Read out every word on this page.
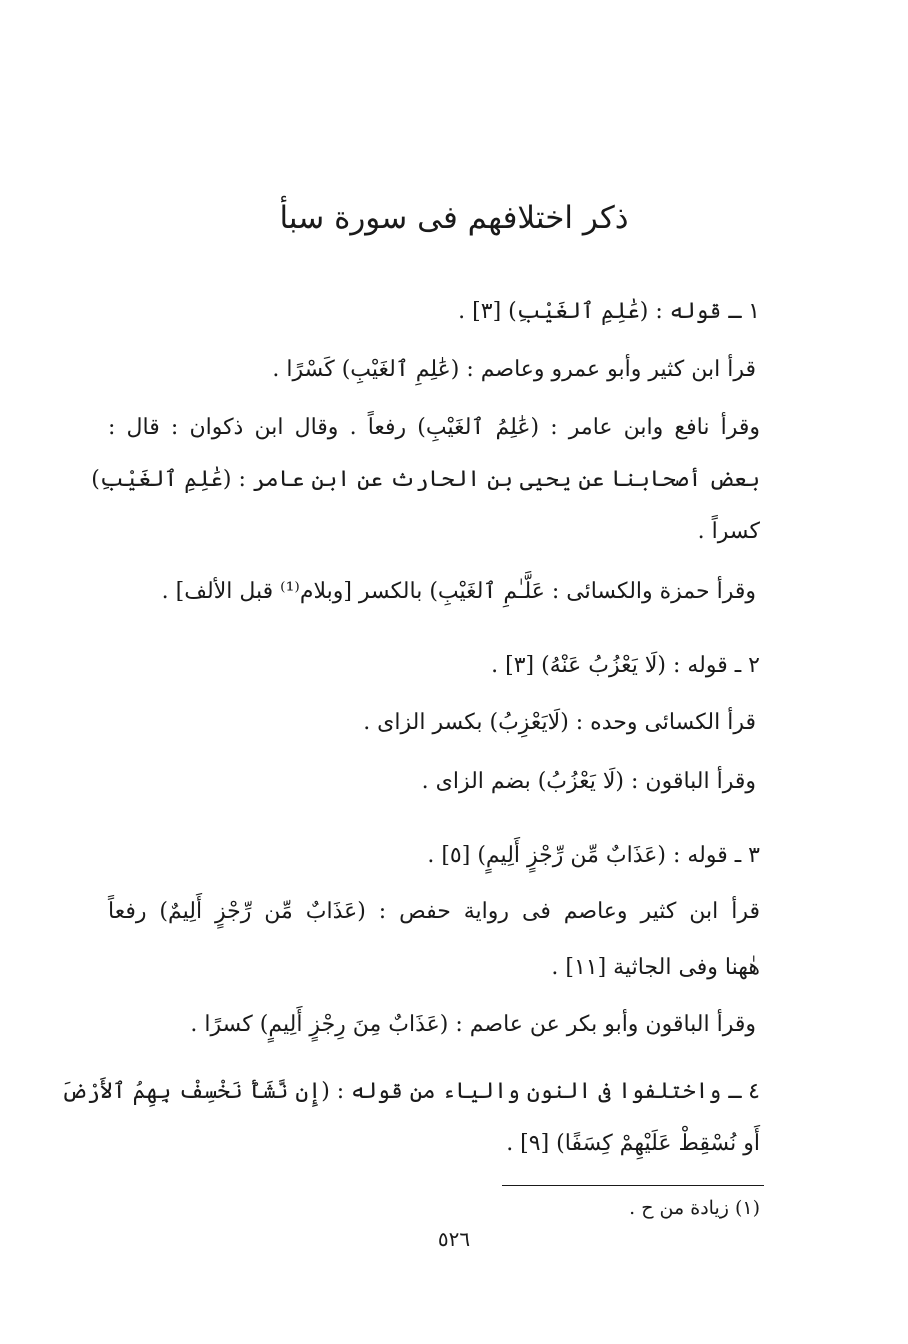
ذكر اختلافهم فى سورة سبأ
١ ـ قوله : (عَٰلِمِ ٱلغَيْبِ) [٣] .
قرأ ابن كثير وأبو عمرو وعاصم : (عَٰلِمِ ٱلغَيْبِ) كَسْرًا .
وقرأ نافع وابن عامر : (عَٰلِمُ ٱلغَيْبِ) رفعاً . وقال ابن ذكوان : قال :
بعض أصحابنا عن يحيى بن الحارث عن ابن عامر : (عَٰلِمِ ٱلغَيْبِ)
كسراً .
وقرأ حمزة والكسائى : عَلَّـٰمِ ٱلغَيْبِ) بالكسر [وبلام⁽¹⁾ قبل الألف] .
٢ ـ قوله : (لَا يَعْزُبُ عَنْهُ) [٣] .
قرأ الكسائى وحده : (لَايَعْزِبُ) بكسر الزاى .
وقرأ الباقون : (لَا يَعْزُبُ) بضم الزاى .
٣ ـ قوله : (عَذَابٌ مِّن رِّجْزٍ أَلِيمٍ) [٥] .
قرأ ابن كثير وعاصم فى رواية حفص : (عَذَابٌ مِّن رِّجْزٍ أَلِيمٌ) رفعاً
هٰهنا وفى الجاثية [١١] .
وقرأ الباقون وأبو بكر عن عاصم : (عَذَابٌ مِنَ رِجْزٍ أَلِيمٍ) كسرًا .
٤ ـ واختلفوا فى النون والياء من قوله : (إِن نَّشَأْ نَخْسِفْ بِهِمُ ٱلأَرْضَ
أَو نُسْقِطْ عَلَيْهِمْ كِسَفًا) [٩] .
(١) زيادة من ح .
٥٢٦
